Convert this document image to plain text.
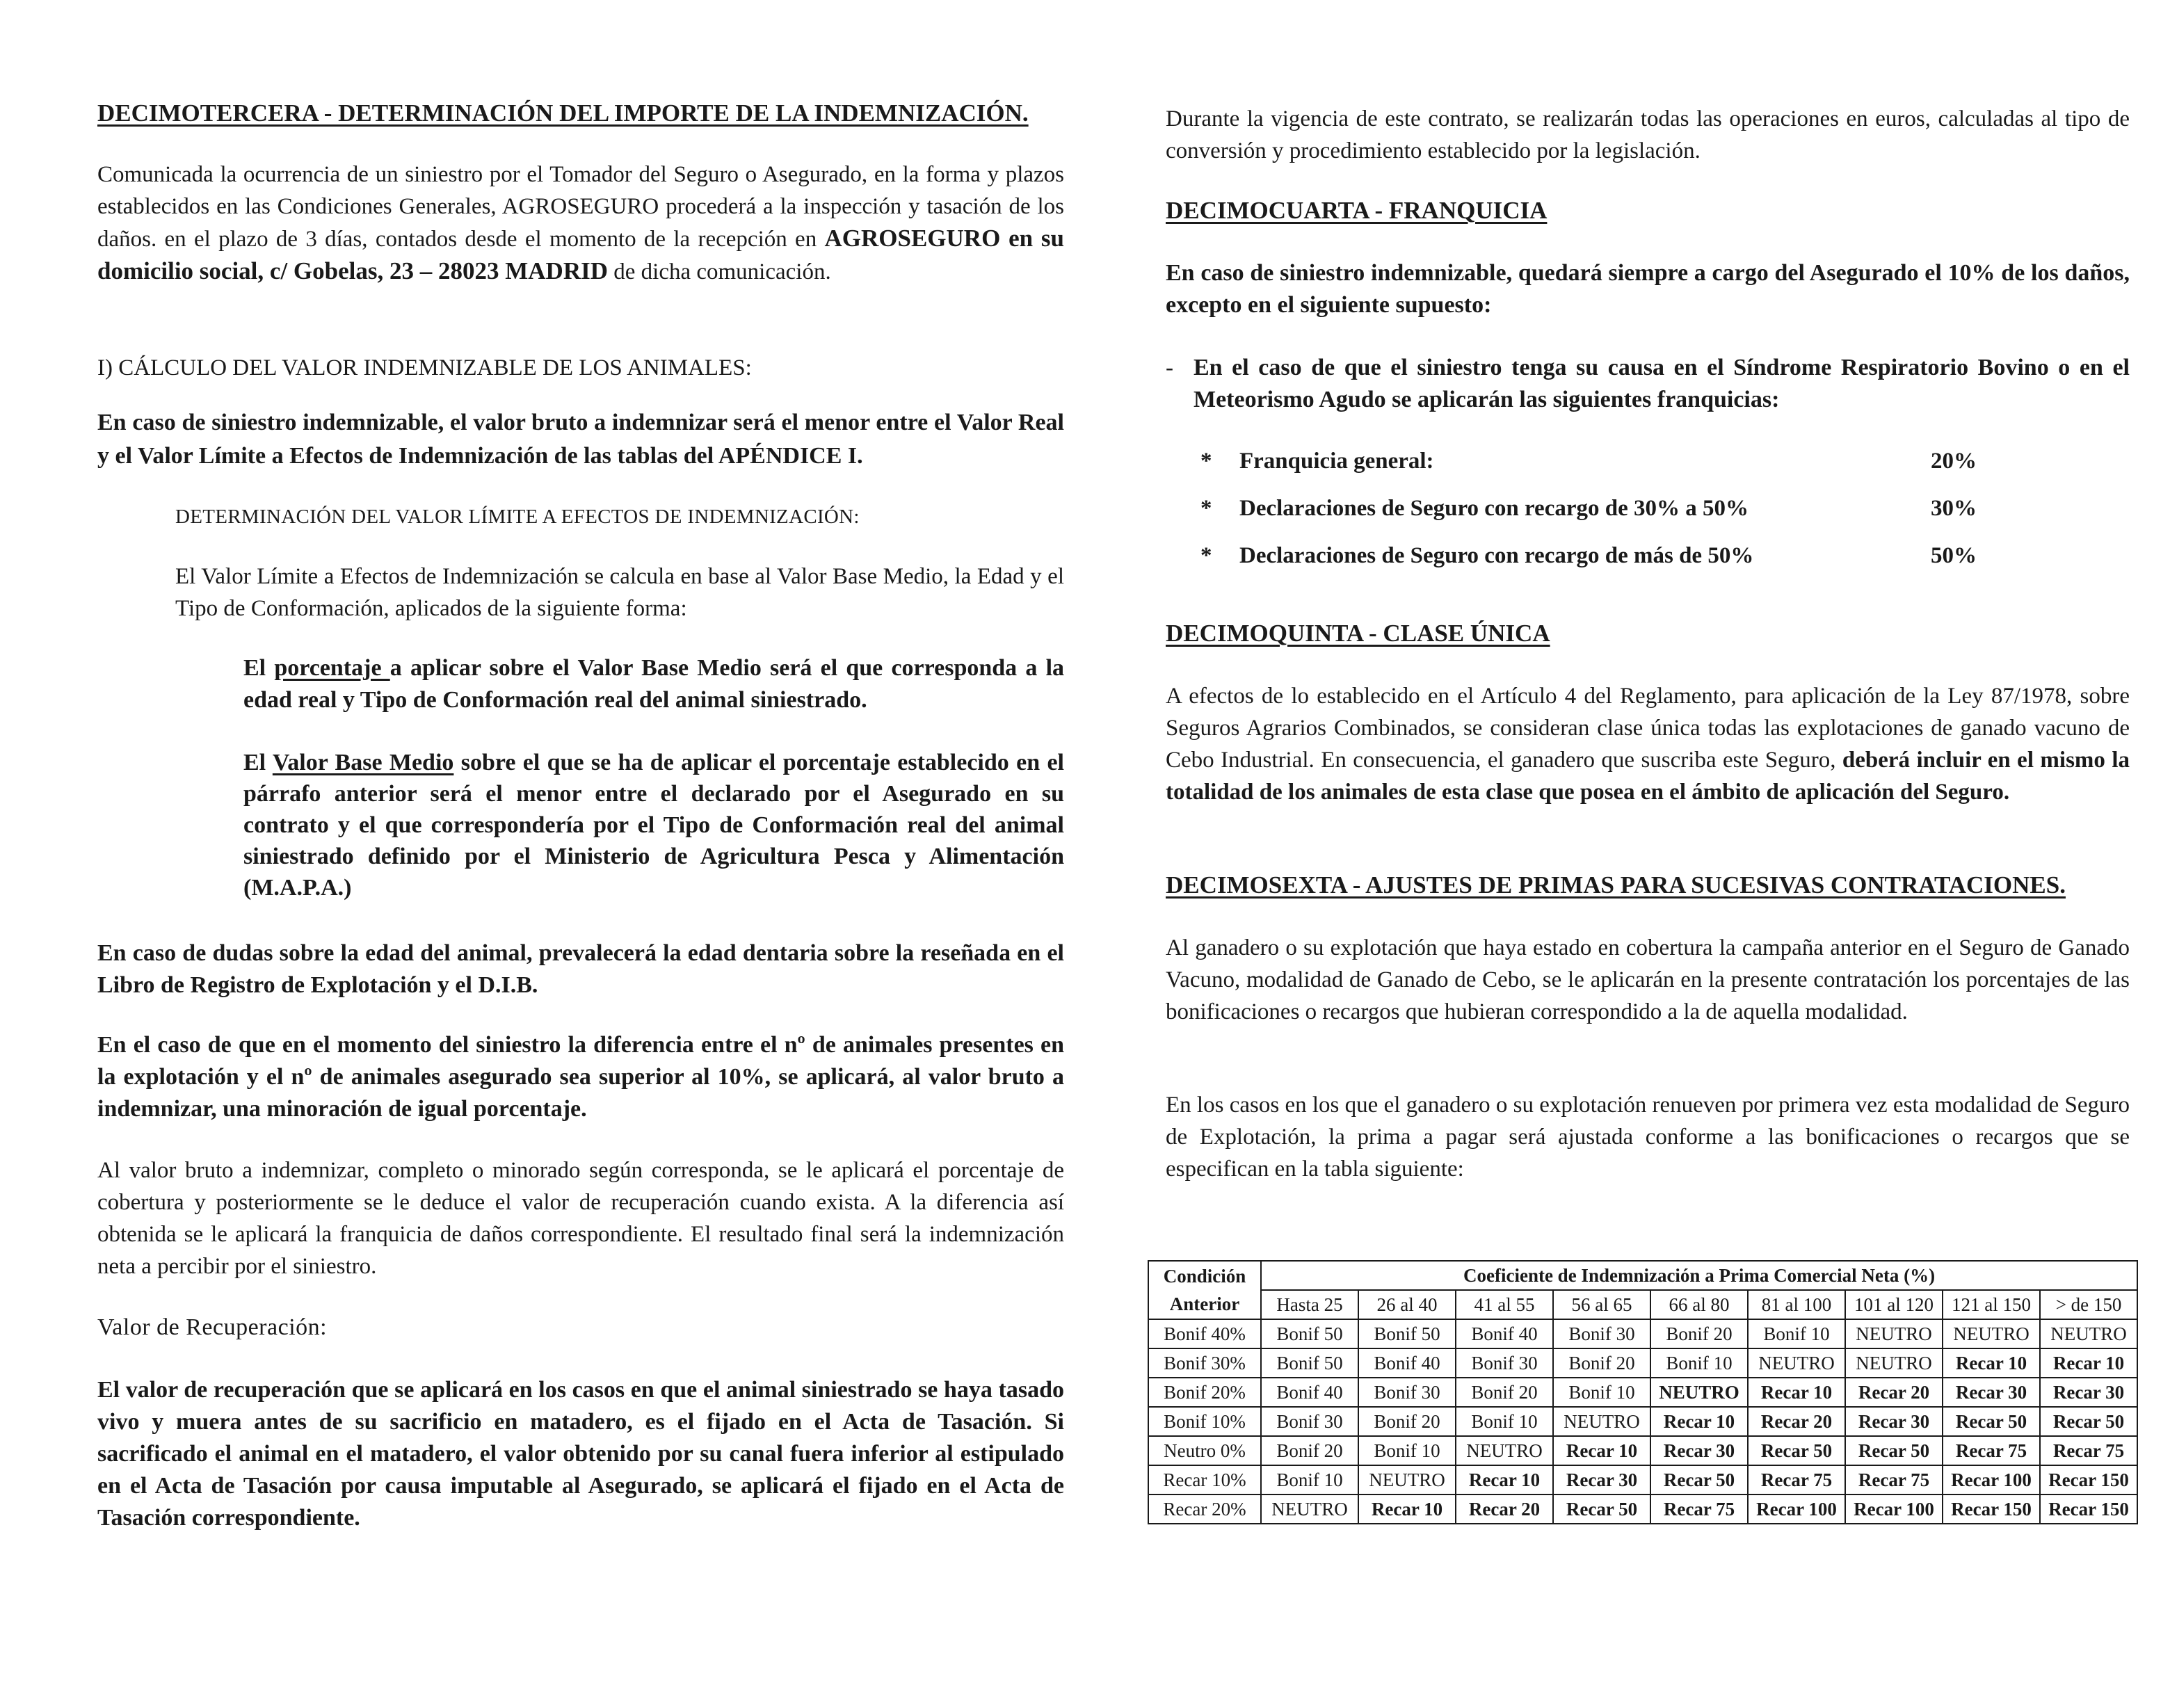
DECIMOTERCERA - DETERMINACIÓN DEL IMPORTE DE LA INDEMNIZACIÓN.

Comunicada la ocurrencia de un siniestro por el Tomador del Seguro o Asegurado, en la forma y plazos establecidos en las Condiciones Generales, AGROSEGURO procederá a la inspección y tasación de los daños. en el plazo de 3 días, contados desde el momento de la recepción en AGROSEGURO en su domicilio social, c/ Gobelas, 23 – 28023 MADRID de dicha comunicación.

I) CÁLCULO DEL VALOR INDEMNIZABLE DE LOS ANIMALES:

En caso de siniestro indemnizable, el valor bruto a indemnizar será el menor entre el Valor Real y el Valor Límite a Efectos de Indemnización de las tablas del APÉNDICE I.

DETERMINACIÓN DEL VALOR LÍMITE A EFECTOS DE INDEMNIZACIÓN:

El Valor Límite a Efectos de Indemnización se calcula en base al Valor Base Medio, la Edad y el Tipo de Conformación, aplicados de la siguiente forma:

El porcentaje a aplicar sobre el Valor Base Medio será el que corresponda a la edad real y Tipo de Conformación real del animal siniestrado.

El Valor Base Medio sobre el que se ha de aplicar el porcentaje establecido en el párrafo anterior será el menor entre el declarado por el Asegurado en su contrato y el que correspondería por el Tipo de Conformación real del animal siniestrado definido por el Ministerio de Agricultura Pesca y Alimentación (M.A.P.A.)

En caso de dudas sobre la edad del animal, prevalecerá la edad dentaria sobre la reseñada en el Libro de Registro de Explotación y el D.I.B.

En el caso de que en el momento del siniestro la diferencia entre el nº de animales presentes en la explotación y el nº de animales asegurado sea superior al 10%, se aplicará, al valor bruto a indemnizar, una minoración de igual porcentaje.

Al valor bruto a indemnizar, completo o minorado según corresponda, se le aplicará el porcentaje de cobertura y posteriormente se le deduce el valor de recuperación cuando exista. A la diferencia así obtenida se le aplicará la franquicia de daños correspondiente. El resultado final será la indemnización neta a percibir por el siniestro.

Valor de Recuperación:

El valor de recuperación que se aplicará en los casos en que el animal siniestrado se haya tasado vivo y muera antes de su sacrificio en matadero, es el fijado en el Acta de Tasación. Si sacrificado el animal en el matadero, el valor obtenido por su canal fuera inferior al estipulado en el Acta de Tasación por causa imputable al Asegurado, se aplicará el fijado en el Acta de Tasación correspondiente.

Durante la vigencia de este contrato, se realizarán todas las operaciones en euros, calculadas al tipo de conversión y procedimiento establecido por la legislación.

DECIMOCUARTA - FRANQUICIA

En caso de siniestro indemnizable, quedará siempre a cargo del Asegurado el 10% de los daños, excepto en el siguiente supuesto:

- En el caso de que el siniestro tenga su causa en el Síndrome Respiratorio Bovino o en el Meteorismo Agudo se aplicarán las siguientes franquicias:

* Franquicia general:	20%
* Declaraciones de Seguro con recargo de 30% a 50%	30%
* Declaraciones de Seguro con recargo de más de 50%	50%
DECIMOQUINTA - CLASE ÚNICA

A efectos de lo establecido en el Artículo 4 del Reglamento, para aplicación de la Ley 87/1978, sobre Seguros Agrarios Combinados, se consideran clase única todas las explotaciones de ganado vacuno de Cebo Industrial. En consecuencia, el ganadero que suscriba este Seguro, deberá incluir en el mismo la totalidad de los animales de esta clase que posea en el ámbito de aplicación del Seguro.

DECIMOSEXTA - AJUSTES DE PRIMAS PARA SUCESIVAS CONTRATACIONES.

Al ganadero o su explotación que haya estado en cobertura la campaña anterior en el Seguro de Ganado Vacuno, modalidad de Ganado de Cebo, se le aplicarán en la presente contratación los porcentajes de las bonificaciones o recargos que hubieran correspondido a la de aquella modalidad.

En los casos en los que el ganadero o su explotación renueven por primera vez esta modalidad de Seguro de Explotación, la prima a pagar será ajustada conforme a las bonificaciones o recargos que se especifican en la tabla siguiente:

Condición Anterior	Coeficiente de Indemnización a Prima Comercial Neta (%)								
	Hasta 25	26 al 40	41 al 55	56 al 65	66 al 80	81 al 100	101 al 120	121 al 150	> de 150
Bonif 40%	Bonif 50	Bonif 50	Bonif 40	Bonif 30	Bonif 20	Bonif 10	NEUTRO	NEUTRO	NEUTRO
Bonif 30%	Bonif 50	Bonif 40	Bonif 30	Bonif 20	Bonif 10	NEUTRO	NEUTRO	Recar 10	Recar 10
Bonif 20%	Bonif 40	Bonif 30	Bonif 20	Bonif 10	NEUTRO	Recar 10	Recar 20	Recar 30	Recar 30
Bonif 10%	Bonif 30	Bonif 20	Bonif 10	NEUTRO	Recar 10	Recar 20	Recar 30	Recar 50	Recar 50
Neutro 0%	Bonif 20	Bonif 10	NEUTRO	Recar 10	Recar 30	Recar 50	Recar 50	Recar 75	Recar 75
Recar 10%	Bonif 10	NEUTRO	Recar 10	Recar 30	Recar 50	Recar 75	Recar 75	Recar 100	Recar 150
Recar 20%	NEUTRO	Recar 10	Recar 20	Recar 50	Recar 75	Recar 100	Recar 100	Recar 150	Recar 150
